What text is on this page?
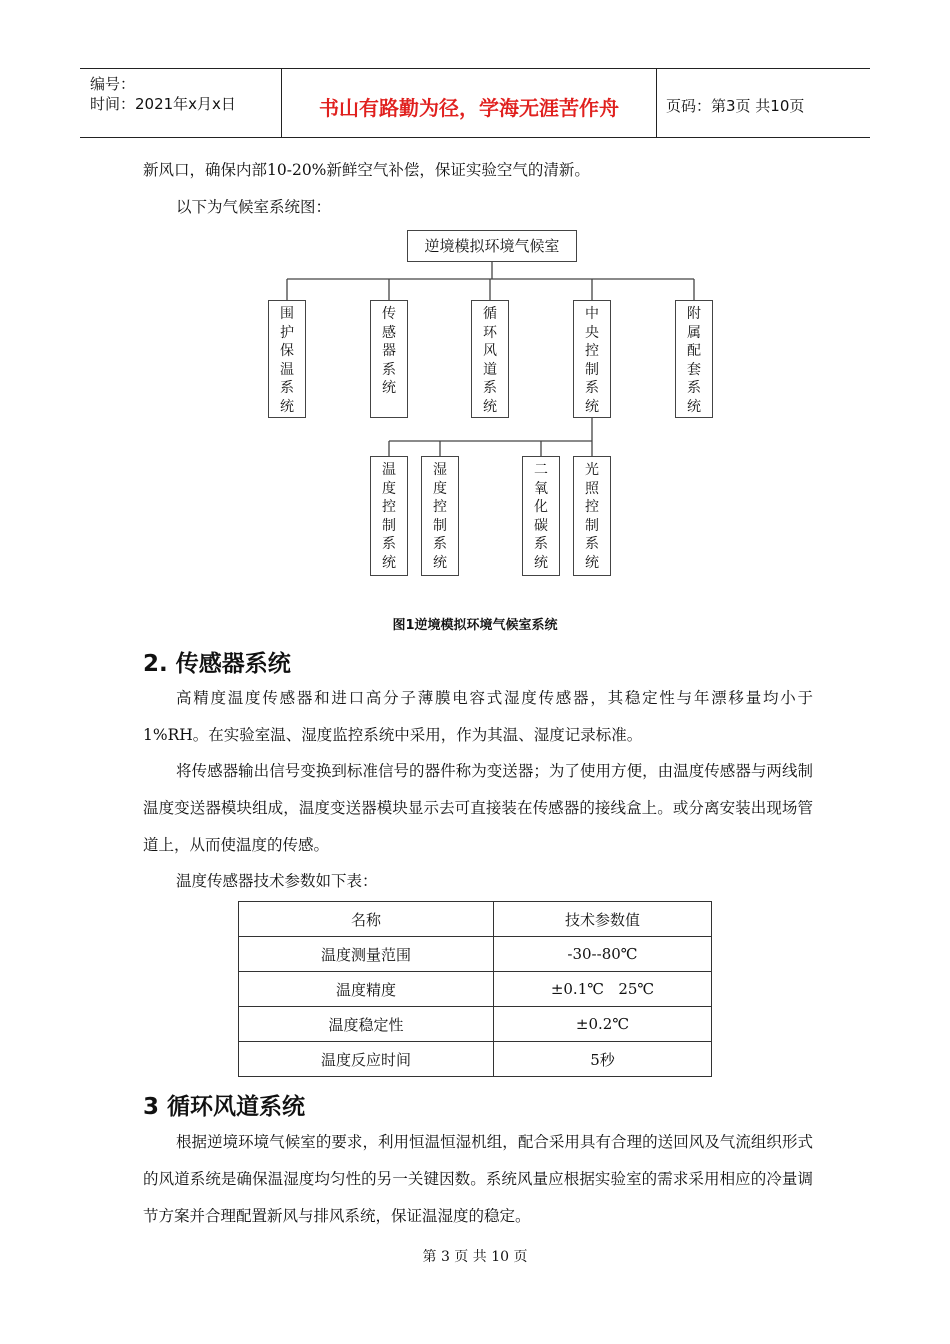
编号：
时间：2021年x月x日	书山有路勤为径，学海无涯苦作舟	页码：第3页 共10页

新风口，确保内部10-20%新鲜空气补偿，保证实验空气的清新。

以下为气候室系统图：

逆境模拟环境气候室
围护保温系统
传感器系统
循环风道系统
中央控制系统
附属配套系统
温度控制系统
湿度控制系统
二氧化碳系统
光照控制系统
图1逆境模拟环境气候室系统
2. 传感器系统

高精度温度传感器和进口高分子薄膜电容式湿度传感器，其稳定性与年漂移量均小于1%RH。在实验室温、湿度监控系统中采用，作为其温、湿度记录标准。

将传感器输出信号变换到标准信号的器件称为变送器；为了使用方便，由温度传感器与两线制温度变送器模块组成，温度变送器模块显示去可直接装在传感器的接线盒上。或分离安装出现场管道上，从而使温度的传感。

温度传感器技术参数如下表：

名称	技术参数值
温度测量范围	-30--80℃
温度精度	±0.1℃   25℃
温度稳定性	±0.2℃
温度反应时间	5秒
3 循环风道系统

根据逆境环境气候室的要求，利用恒温恒湿机组，配合采用具有合理的送回风及气流组织形式的风道系统是确保温湿度均匀性的另一关键因数。系统风量应根据实验室的需求采用相应的冷量调节方案并合理配置新风与排风系统，保证温湿度的稳定。

第 3 页 共 10 页
